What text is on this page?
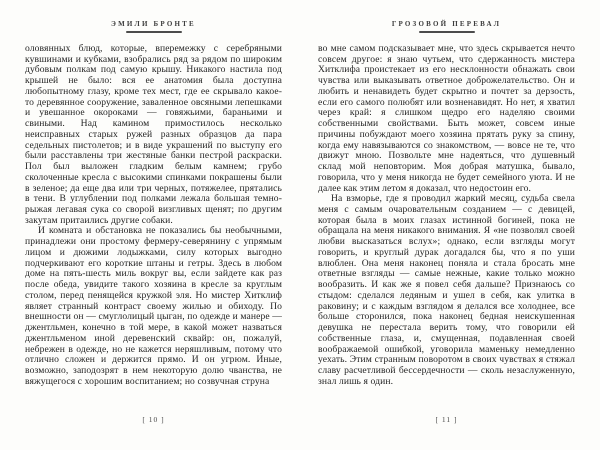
ЭМИЛИ БРОНТЕ

оловянных блюд, которые, вперемежку с серебряными кувшинами и кубками, взобрались ряд за рядом по широким дубовым полкам под самую крышу. Никакого настила под крышей не было: вся ее анатомия была доступна любопытному глазу, кроме тех мест, где ее скрывало какое-то деревянное сооружение, заваленное овсяными лепешками и увешанное окороками — говяжьими, бараньими и свиными. Над камином примостилось несколько неисправных старых ружей разных образцов да пара седельных пистолетов; и в виде украшений по выступу его были расставлены три жестяные банки пестрой раскраски. Пол был выложен гладким белым камнем; грубо сколоченные кресла с высокими спинками покрашены были в зеленое; да еще два или три черных, потяжелее, прятались в тени. В углублении под полками лежала большая темно-рыжая легавая сука со сворой визгливых щенят; по другим закутам притаились другие собаки.

И комната и обстановка не показались бы необычными, принадлежи они простому фермеру-северянину с упрямым лицом и дюжими лодыжками, силу которых выгодно подчеркивают его короткие штаны и гетры. Здесь в любом доме на пять-шесть миль вокруг вы, если зайдете как раз после обеда, увидите такого хозяина в кресле за круглым столом, перед пенящейся кружкой эля. Но мистер Хитклиф являет странный контраст своему жилью и обиходу. По внешности он — смуглолицый цыган, по одежде и манере — джентльмен, конечно в той мере, в какой может назваться джентльменом иной деревенский сквайр: он, пожалуй, небрежен в одежде, но не кажется неряшливым, потому что отлично сложен и держится прямо. И он угрюм. Иные, возможно, заподозрят в нем некоторую долю чванства, не вяжущегося с хорошим воспитанием; но созвучная струна

[ 10 ]
ГРОЗОВОЙ ПЕРЕВАЛ

во мне самом подсказывает мне, что здесь скрывается нечто совсем другое: я знаю чутьем, что сдержанность мистера Хитклифа проистекает из его несклонности обнажать свои чувства или выказывать ответное доброжелательство. Он и любить и ненавидеть будет скрытно и почтет за дерзость, если его самого полюбят или возненавидят. Но нет, я хватил через край: я слишком щедро его наделяю своими собственными свойствами. Быть может, совсем иные причины побуждают моего хозяина прятать руку за спину, когда ему навязываются со знакомством, — вовсе не те, что движут мною. Позвольте мне надеяться, что душевный склад мой неповторим. Моя добрая матушка, бывало, говорила, что у меня никогда не будет семейного уюта. И не далее как этим летом я доказал, что недостоин его.

На взморье, где я проводил жаркий месяц, судьба свела меня с самым очаровательным созданием — с девицей, которая была в моих глазах истинной богиней, пока не обращала на меня никакого внимания. Я «не позволял своей любви высказаться вслух»; однако, если взгляды могут говорить, и круглый дурак догадался бы, что я по уши влюблен. Она меня наконец поняла и стала бросать мне ответные взгляды — самые нежные, какие только можно вообразить. И как же я повел себя дальше? Признаюсь со стыдом: сделался ледяным и ушел в себя, как улитка в раковину; и с каждым взглядом я делался все холоднее, все больше сторонился, пока наконец бедная неискушенная девушка не перестала верить тому, что говорили ей собственные глаза, и, смущенная, подавленная своей воображаемой ошибкой, уговорила маменьку немедленно уехать. Этим странным поворотом в своих чувствах я стяжал славу расчетливой бессердечности — сколь незаслуженную, знал лишь я один.

[ 11 ]
